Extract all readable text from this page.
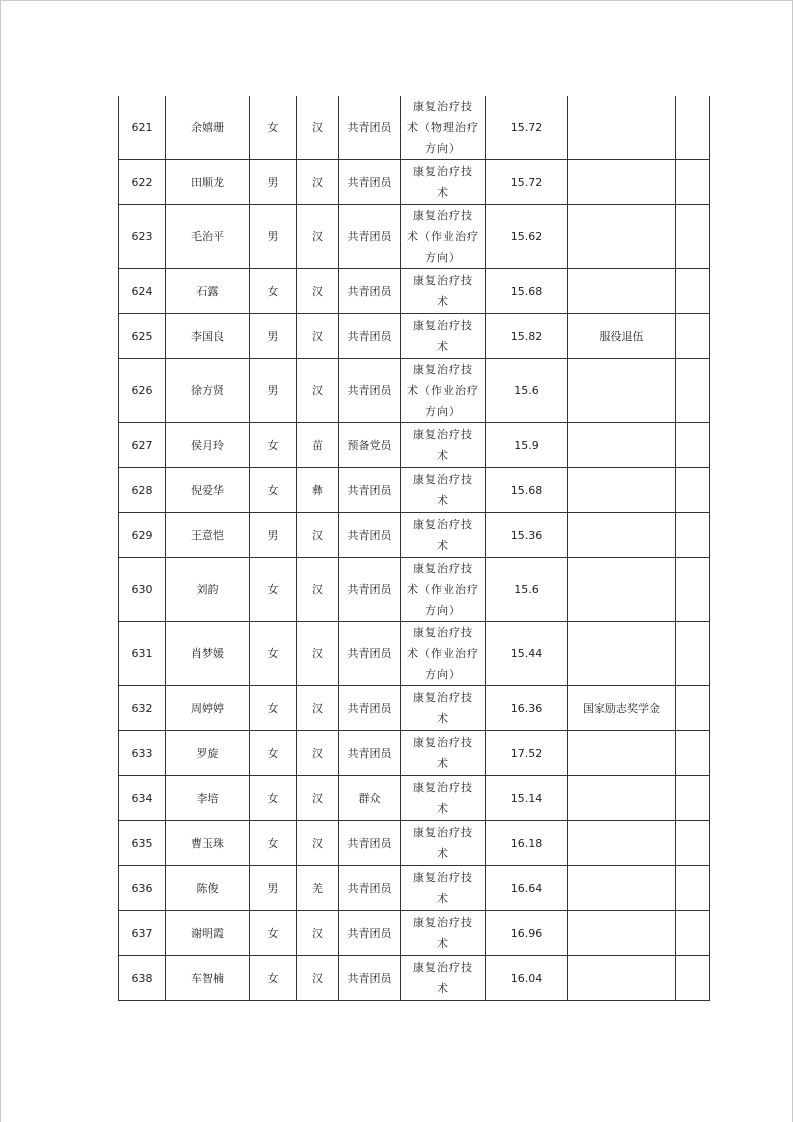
621	余嬉珊	女	汉	共青团员	康复治疗技
术（物理治疗
方向）	15.72		
622	田顺龙	男	汉	共青团员	康复治疗技
术	15.72		
623	毛治平	男	汉	共青团员	康复治疗技
术（作业治疗
方向）	15.62		
624	石露	女	汉	共青团员	康复治疗技
术	15.68		
625	李国良	男	汉	共青团员	康复治疗技
术	15.82	服役退伍	
626	徐方贤	男	汉	共青团员	康复治疗技
术（作业治疗
方向）	15.6		
627	侯月玲	女	苗	预备党员	康复治疗技
术	15.9		
628	倪爱华	女	彝	共青团员	康复治疗技
术	15.68		
629	王意恺	男	汉	共青团员	康复治疗技
术	15.36		
630	刘韵	女	汉	共青团员	康复治疗技
术（作业治疗
方向）	15.6		
631	肖梦媛	女	汉	共青团员	康复治疗技
术（作业治疗
方向）	15.44		
632	周婷婷	女	汉	共青团员	康复治疗技
术	16.36	国家励志奖学金	
633	罗旋	女	汉	共青团员	康复治疗技
术	17.52		
634	李培	女	汉	群众	康复治疗技
术	15.14		
635	曹玉珠	女	汉	共青团员	康复治疗技
术	16.18		
636	陈俊	男	羌	共青团员	康复治疗技
术	16.64		
637	谢明霞	女	汉	共青团员	康复治疗技
术	16.96		
638	车智楠	女	汉	共青团员	康复治疗技
术	16.04		
